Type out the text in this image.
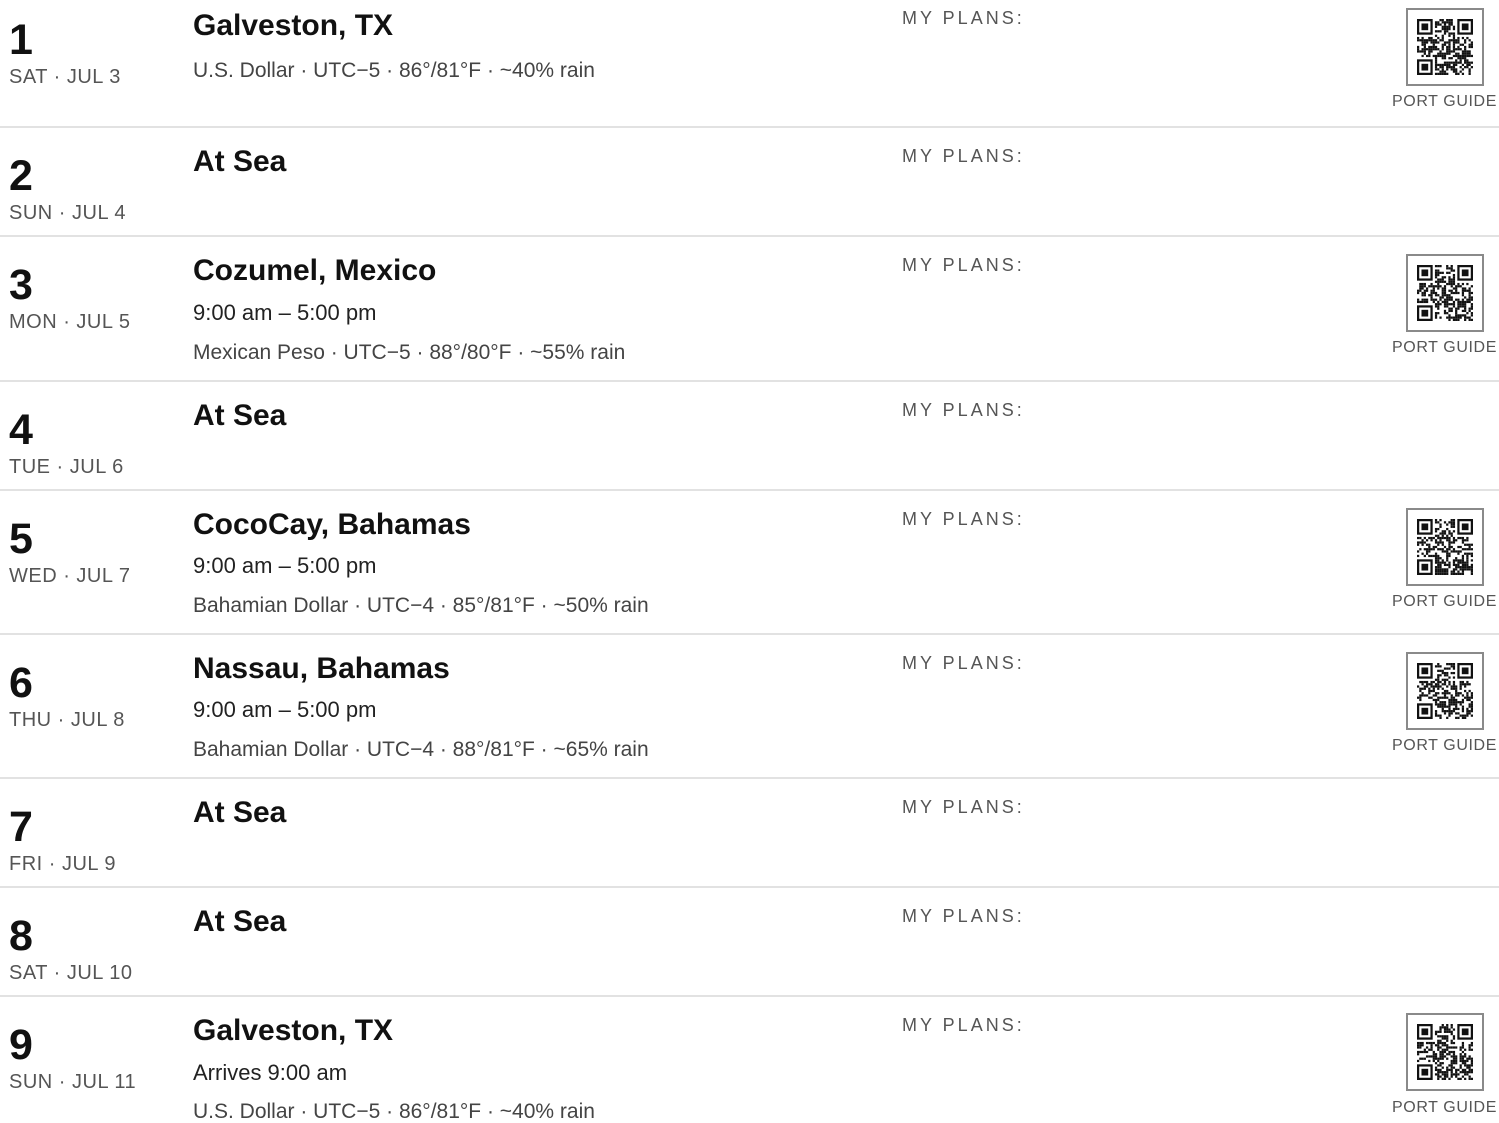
1
SAT · JUL 3
Galveston, TX
U.S. Dollar · UTC−5 · 86°/81°F · ~40% rain
MY PLANS:
PORT GUIDE
2
SUN · JUL 4
At Sea	MY PLANS:
3
MON · JUL 5
Cozumel, Mexico
9:00 am – 5:00 pm
Mexican Peso · UTC−5 · 88°/80°F · ~55% rain
MY PLANS:
PORT GUIDE
4
TUE · JUL 6
At Sea	MY PLANS:
5
WED · JUL 7
CocoCay, Bahamas
9:00 am – 5:00 pm
Bahamian Dollar · UTC−4 · 85°/81°F · ~50% rain
MY PLANS:
PORT GUIDE
6
THU · JUL 8
Nassau, Bahamas
9:00 am – 5:00 pm
Bahamian Dollar · UTC−4 · 88°/81°F · ~65% rain
MY PLANS:
PORT GUIDE
7
FRI · JUL 9
At Sea	MY PLANS:
8
SAT · JUL 10
At Sea	MY PLANS:
9
SUN · JUL 11
Galveston, TX
Arrives 9:00 am
U.S. Dollar · UTC−5 · 86°/81°F · ~40% rain
MY PLANS:
PORT GUIDE
